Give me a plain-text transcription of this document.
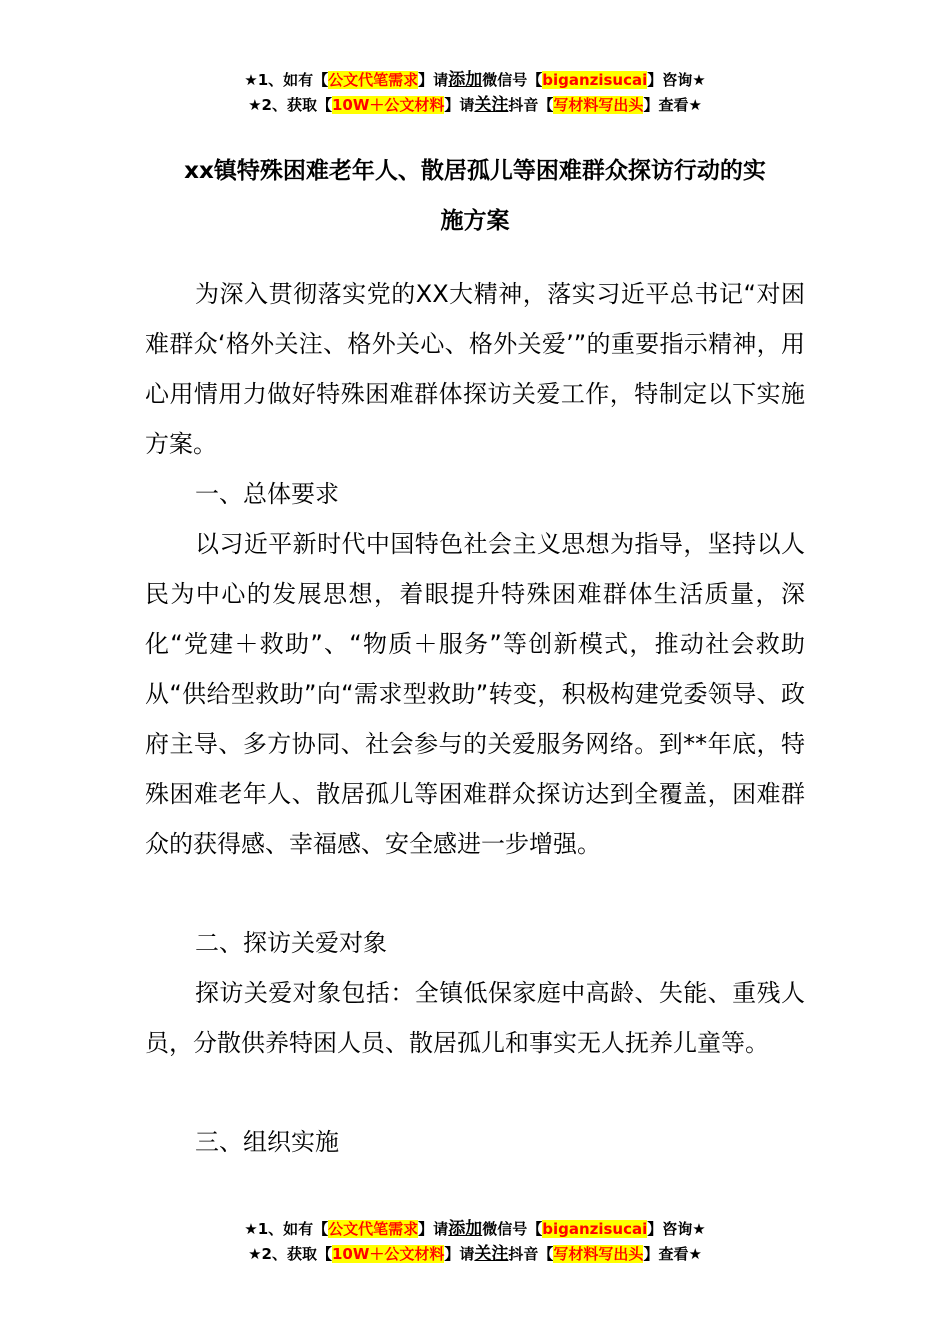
★1、如有【公文代笔需求】请添加微信号【biganzisucai】咨询★
★2、获取【10W＋公文材料】请关注抖音【写材料写出头】查看★
xx镇特殊困难老年人、散居孤儿等困难群众探访行动的实
施方案

为深入贯彻落实党的XX大精神，落实习近平总书记“对困难群众‘格外关注、格外关心、格外关爱’”的重要指示精神，用心用情用力做好特殊困难群体探访关爱工作，特制定以下实施方案。

一、总体要求

以习近平新时代中国特色社会主义思想为指导，坚持以人民为中心的发展思想，着眼提升特殊困难群体生活质量，深化“党建＋救助”、“物质＋服务”等创新模式，推动社会救助从“供给型救助”向“需求型救助”转变，积极构建党委领导、政府主导、多方协同、社会参与的关爱服务网络。到**年底，特殊困难老年人、散居孤儿等困难群众探访达到全覆盖，困难群众的获得感、幸福感、安全感进一步增强。

二、探访关爱对象

探访关爱对象包括：全镇低保家庭中高龄、失能、重残人员，分散供养特困人员、散居孤儿和事实无人抚养儿童等。

三、组织实施

★1、如有【公文代笔需求】请添加微信号【biganzisucai】咨询★
★2、获取【10W＋公文材料】请关注抖音【写材料写出头】查看★
